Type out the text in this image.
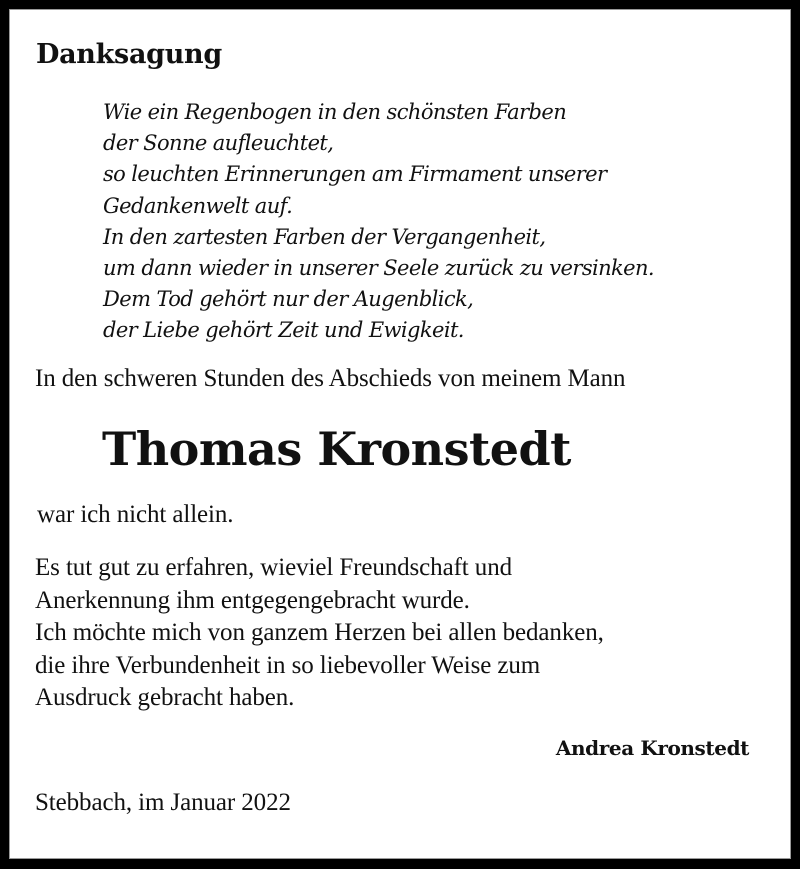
Danksagung
Wie ein Regenbogen in den schönsten Farben
der Sonne aufleuchtet,
so leuchten Erinnerungen am Firmament unserer
Gedankenwelt auf.
In den zartesten Farben der Vergangenheit,
um dann wieder in unserer Seele zurück zu versinken.
Dem Tod gehört nur der Augenblick,
der Liebe gehört Zeit und Ewigkeit.
In den schweren Stunden des Abschieds von meinem Mann
Thomas Kronstedt
war ich nicht allein.
Es tut gut zu erfahren, wieviel Freundschaft und
Anerkennung ihm entgegengebracht wurde.
Ich möchte mich von ganzem Herzen bei allen bedanken,
die ihre Verbundenheit in so liebevoller Weise zum
Ausdruck gebracht haben.
Andrea Kronstedt
Stebbach, im Januar 2022
